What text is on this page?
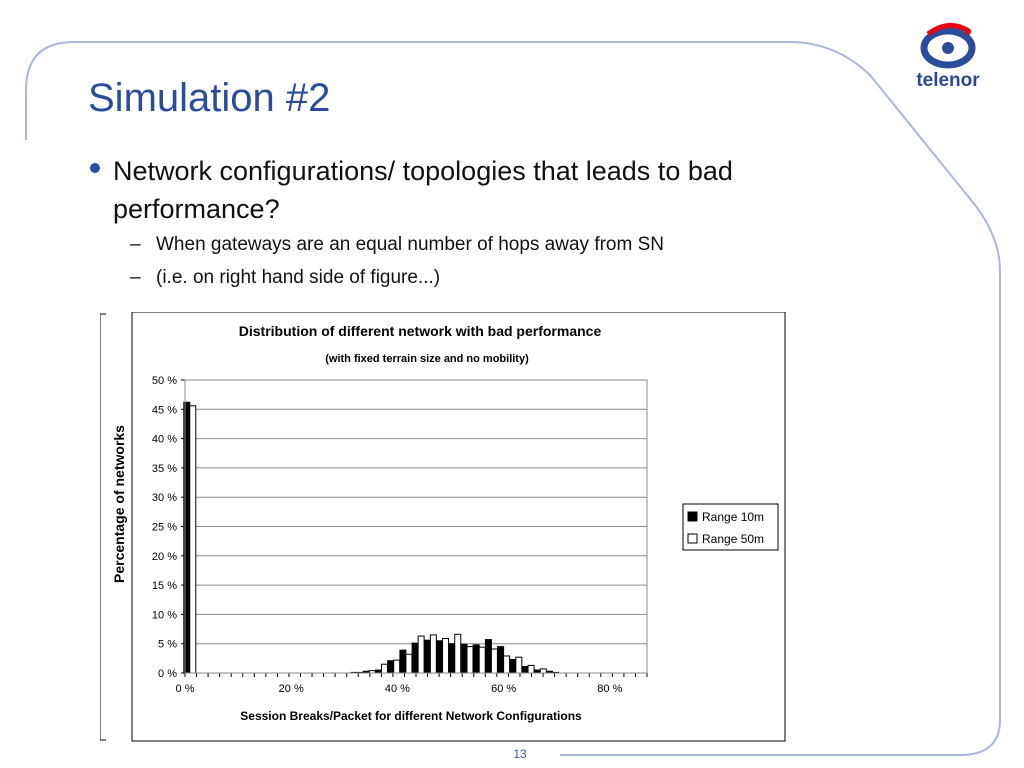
telenor
Simulation #2
Network configurations/ topologies that leads to bad performance?
– When gateways are an equal number of hops away from SN
– (i.e. on right hand side of figure...)
Distribution of different network with bad performance
(with fixed terrain size and no mobility)
Percentage of networks
Session Breaks/Packet for different Network Configurations
0 %
5 %
10 %
15 %
20 %
25 %
30 %
35 %
40 %
45 %
50 %
0 %	20 %	40 %	60 %	80 %
Range 10m
Range 50m
13
